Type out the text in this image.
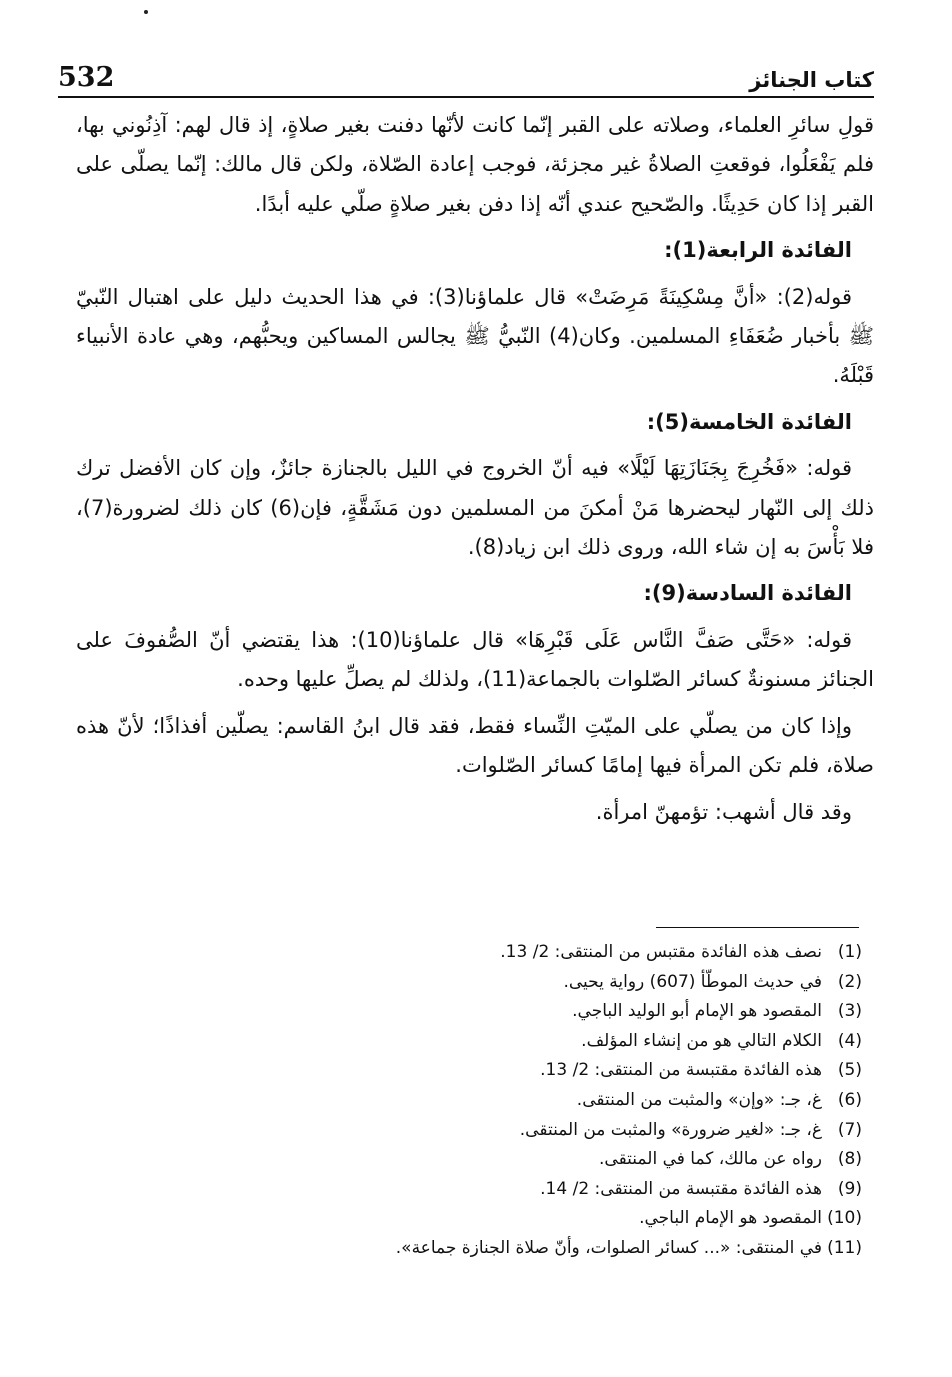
532	كتاب الجنائز

قولِ سائرِ العلماء، وصلاته على القبر إنّما كانت لأنّها دفنت بغير صلاةٍ، إذ قال لهم: آذِنُوني بها، فلم يَفْعَلُوا، فوقعتِ الصلاةُ غير مجزئة، فوجب إعادة الصّلاة، ولكن قال مالك: إنّما يصلّى على القبر إذا كان حَدِيثًا. والصّحيح عندي أنّه إذا دفن بغير صلاةٍ صلّي عليه أبدًا.

الفائدة الرابعة(1):

قوله(2): «أنَّ مِسْكِينَةً مَرِضَتْ» قال علماؤنا(3): في هذا الحديث دليل على اهتبال النّبيّ ﷺ بأخبار ضُعَفَاءِ المسلمين. وكان(4) النّبيُّ ﷺ يجالس المساكين ويحبُّهم، وهي عادة الأنبياء قَبْلَهُ.

الفائدة الخامسة(5):

قوله: «فَخُرِجَ بِجَنَازَتِهَا لَيْلًا» فيه أنّ الخروج في الليل بالجنازة جائزٌ، وإن كان الأفضل ترك ذلك إلى النّهار ليحضرها مَنْ أمكنَ من المسلمين دون مَشَقَّةٍ، فإن(6) كان ذلك لضرورة(7)، فلا بَأْسَ به إن شاء الله، وروى ذلك ابن زياد(8).

الفائدة السادسة(9):

قوله: «حَتَّى صَفَّ النَّاس عَلَى قَبْرِهَا» قال علماؤنا(10): هذا يقتضي أنّ الصُّفوفَ على الجنائز مسنونةٌ كسائر الصّلوات بالجماعة(11)، ولذلك لم يصلِّ عليها وحده.

وإذا كان من يصلّي على الميّتِ النِّساء فقط، فقد قال ابنُ القاسم: يصلّين أفذاذًا؛ لأنّ هذه صلاة، فلم تكن المرأة فيها إمامًا كسائر الصّلوات.

وقد قال أشهب: تؤمهنّ امرأة.

(1)
نصف هذه الفائدة مقتبس من المنتقى: 2/ 13.
(2)
في حديث الموطّأ (607) رواية يحيى.
(3)
المقصود هو الإمام أبو الوليد الباجي.
(4)
الكلام التالي هو من إنشاء المؤلف.
(5)
هذه الفائدة مقتبسة من المنتقى: 2/ 13.
(6)
غ، جـ: «وإن» والمثبت من المنتقى.
(7)
غ، جـ: «لغير ضرورة» والمثبت من المنتقى.
(8)
رواه عن مالك، كما في المنتقى.
(9)
هذه الفائدة مقتبسة من المنتقى: 2/ 14.
(10)
المقصود هو الإمام الباجي.
(11)
في المنتقى: «... كسائر الصلوات، وأنّ صلاة الجنازة جماعة».
